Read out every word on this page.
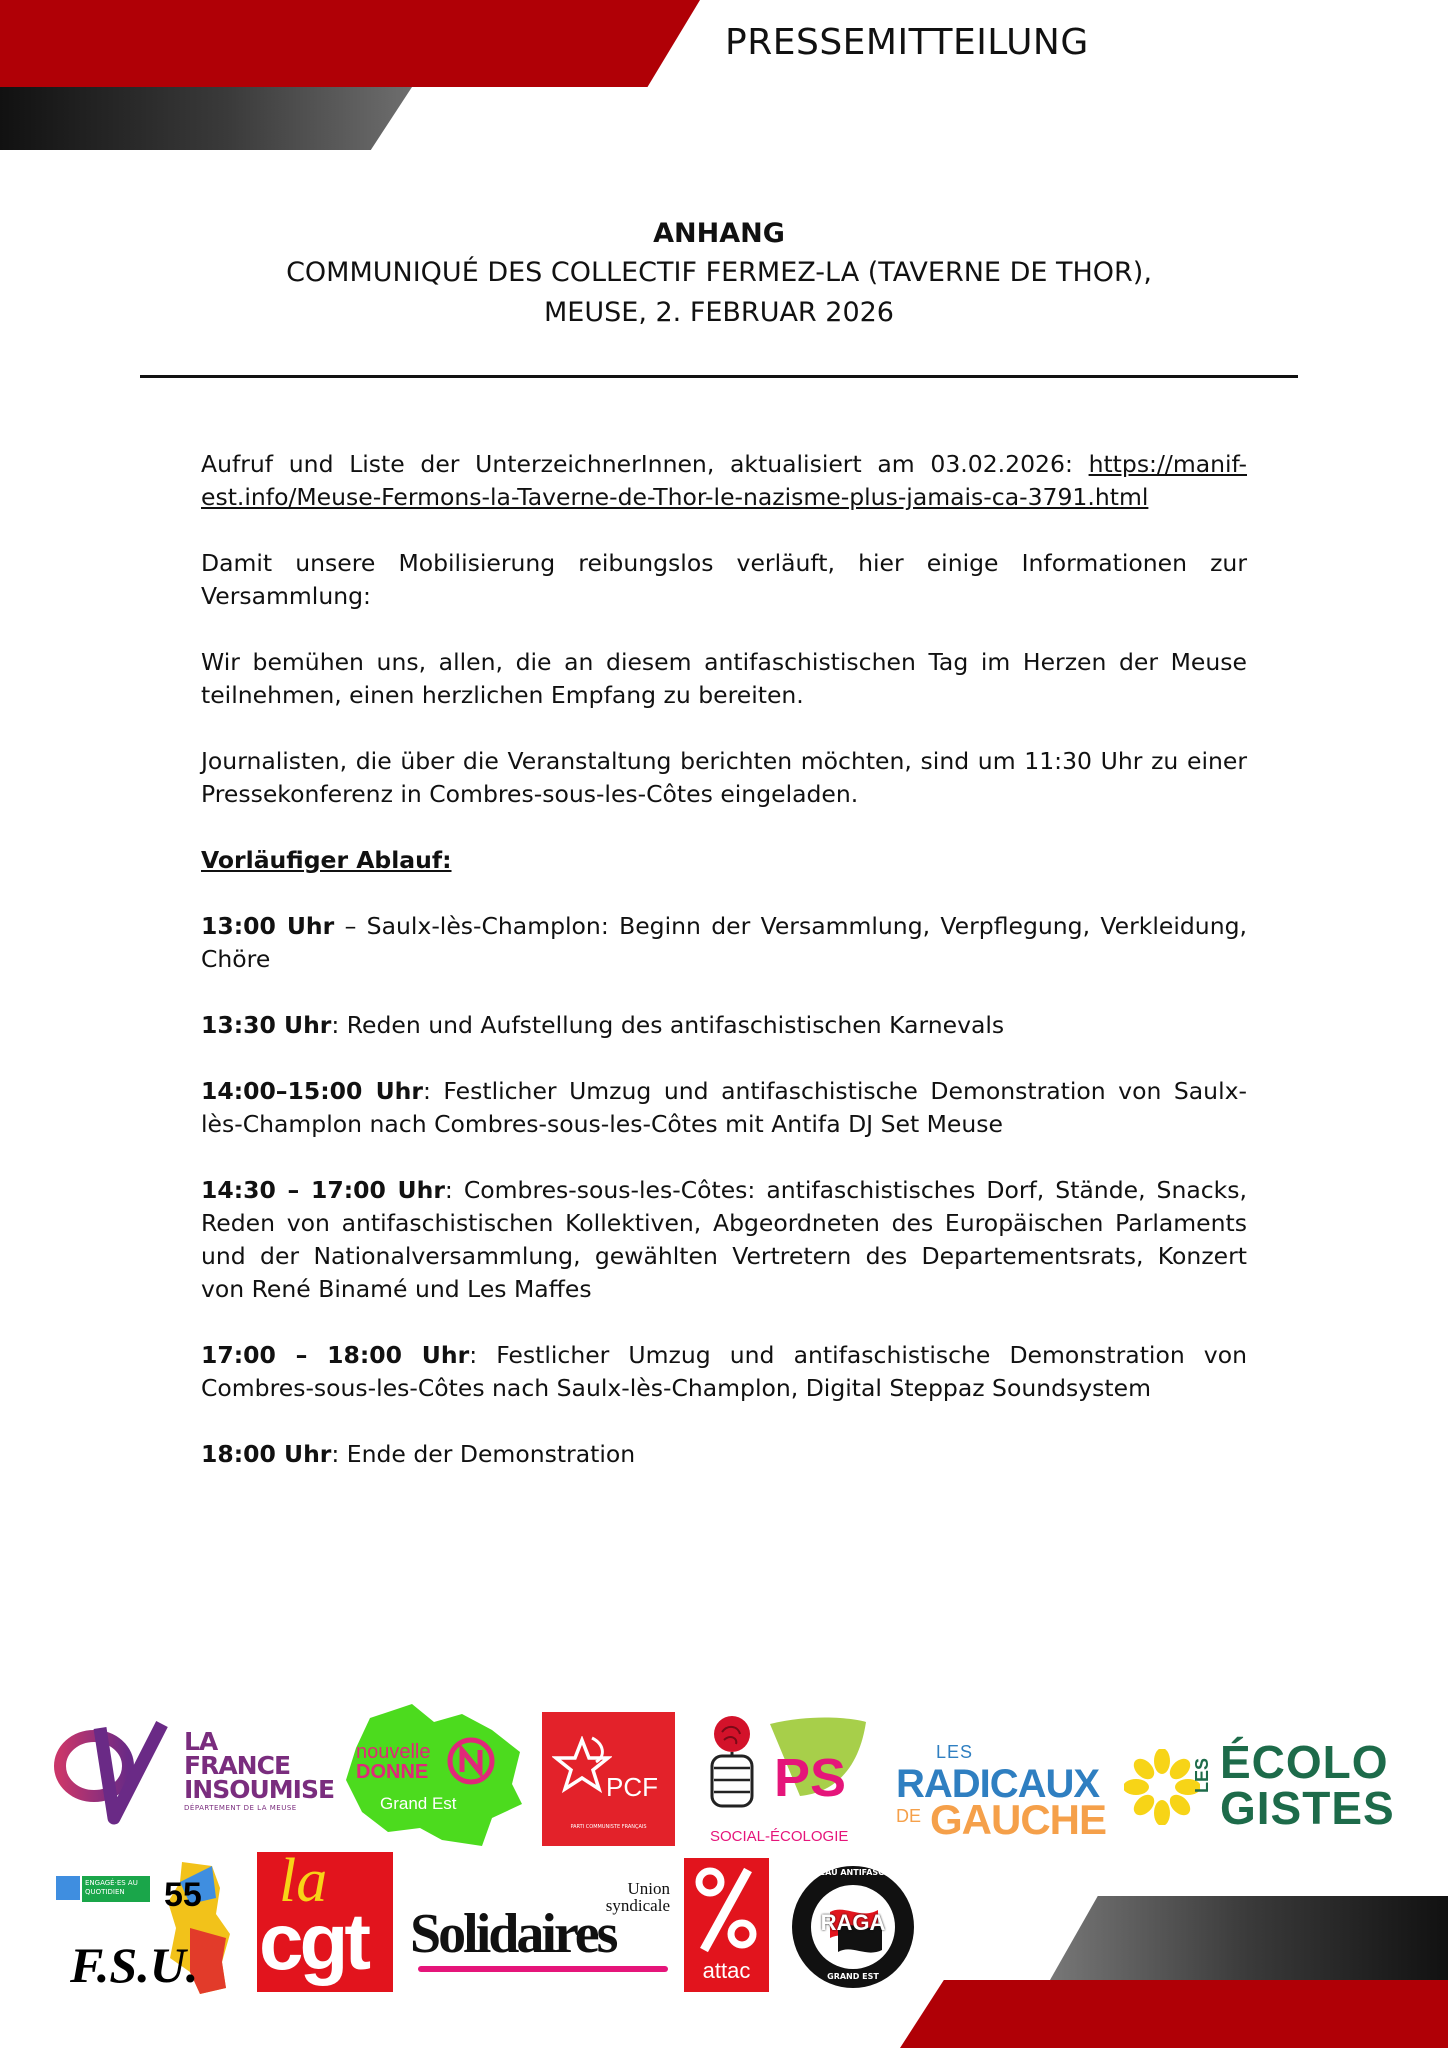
PRESSEMITTEILUNG
ANHANG
COMMUNIQUÉ DES COLLECTIF FERMEZ-LA (TAVERNE DE THOR),
MEUSE, 2. FEBRUAR 2026

Aufruf und Liste der UnterzeichnerInnen, aktualisiert am 03.02.2026: https://manif-est.info/Meuse-Fermons-la-Taverne-de-Thor-le-nazisme-plus-jamais-ca-3791.html

Damit unsere Mobilisierung reibungslos verläuft, hier einige Informationen zur Versammlung:

Wir bemühen uns, allen, die an diesem antifaschistischen Tag im Herzen der Meuse teilnehmen, einen herzlichen Empfang zu bereiten.

Journalisten, die über die Veranstaltung berichten möchten, sind um 11:30 Uhr zu einer Pressekonferenz in Combres-sous-les-Côtes eingeladen.

Vorläufiger Ablauf:

13:00 Uhr – Saulx-lès-Champlon: Beginn der Versammlung, Verpflegung, Verkleidung, Chöre

13:30 Uhr: Reden und Aufstellung des antifaschistischen Karnevals

14:00–15:00 Uhr: Festlicher Umzug und antifaschistische Demonstration von Saulx-lès-Champlon nach Combres-sous-les-Côtes mit Antifa DJ Set Meuse

14:30 – 17:00 Uhr: Combres-sous-les-Côtes: antifaschistisches Dorf, Stände, Snacks, Reden von antifaschistischen Kollektiven, Abgeordneten des Europäischen Parlaments und der Nationalversammlung, gewählten Vertretern des Departementsrats, Konzert von René Binamé und Les Maffes

17:00 – 18:00 Uhr: Festlicher Umzug und antifaschistische Demonstration von Combres-sous-les-Côtes nach Saulx-lès-Champlon, Digital Steppaz Soundsystem

18:00 Uhr: Ende der Demonstration

LA
FRANCE
INSOUMISE
DÉPARTEMENT DE LA MEUSE
nouvelle
DONNE
Grand Est
PCF
PARTI COMMUNISTE FRANÇAIS
PS
SOCIAL-ÉCOLOGIE
LES
RADICAUX
DE GAUCHE
LES ÉCOLO
GISTES
55
ENGAGÉ·ES AU QUOTIDIEN
F.S.U.
la
cgt
Union
syndicale
Solidaires
attac
RÉSEAU ANTIFASCISTE
RAGA
GRAND EST
